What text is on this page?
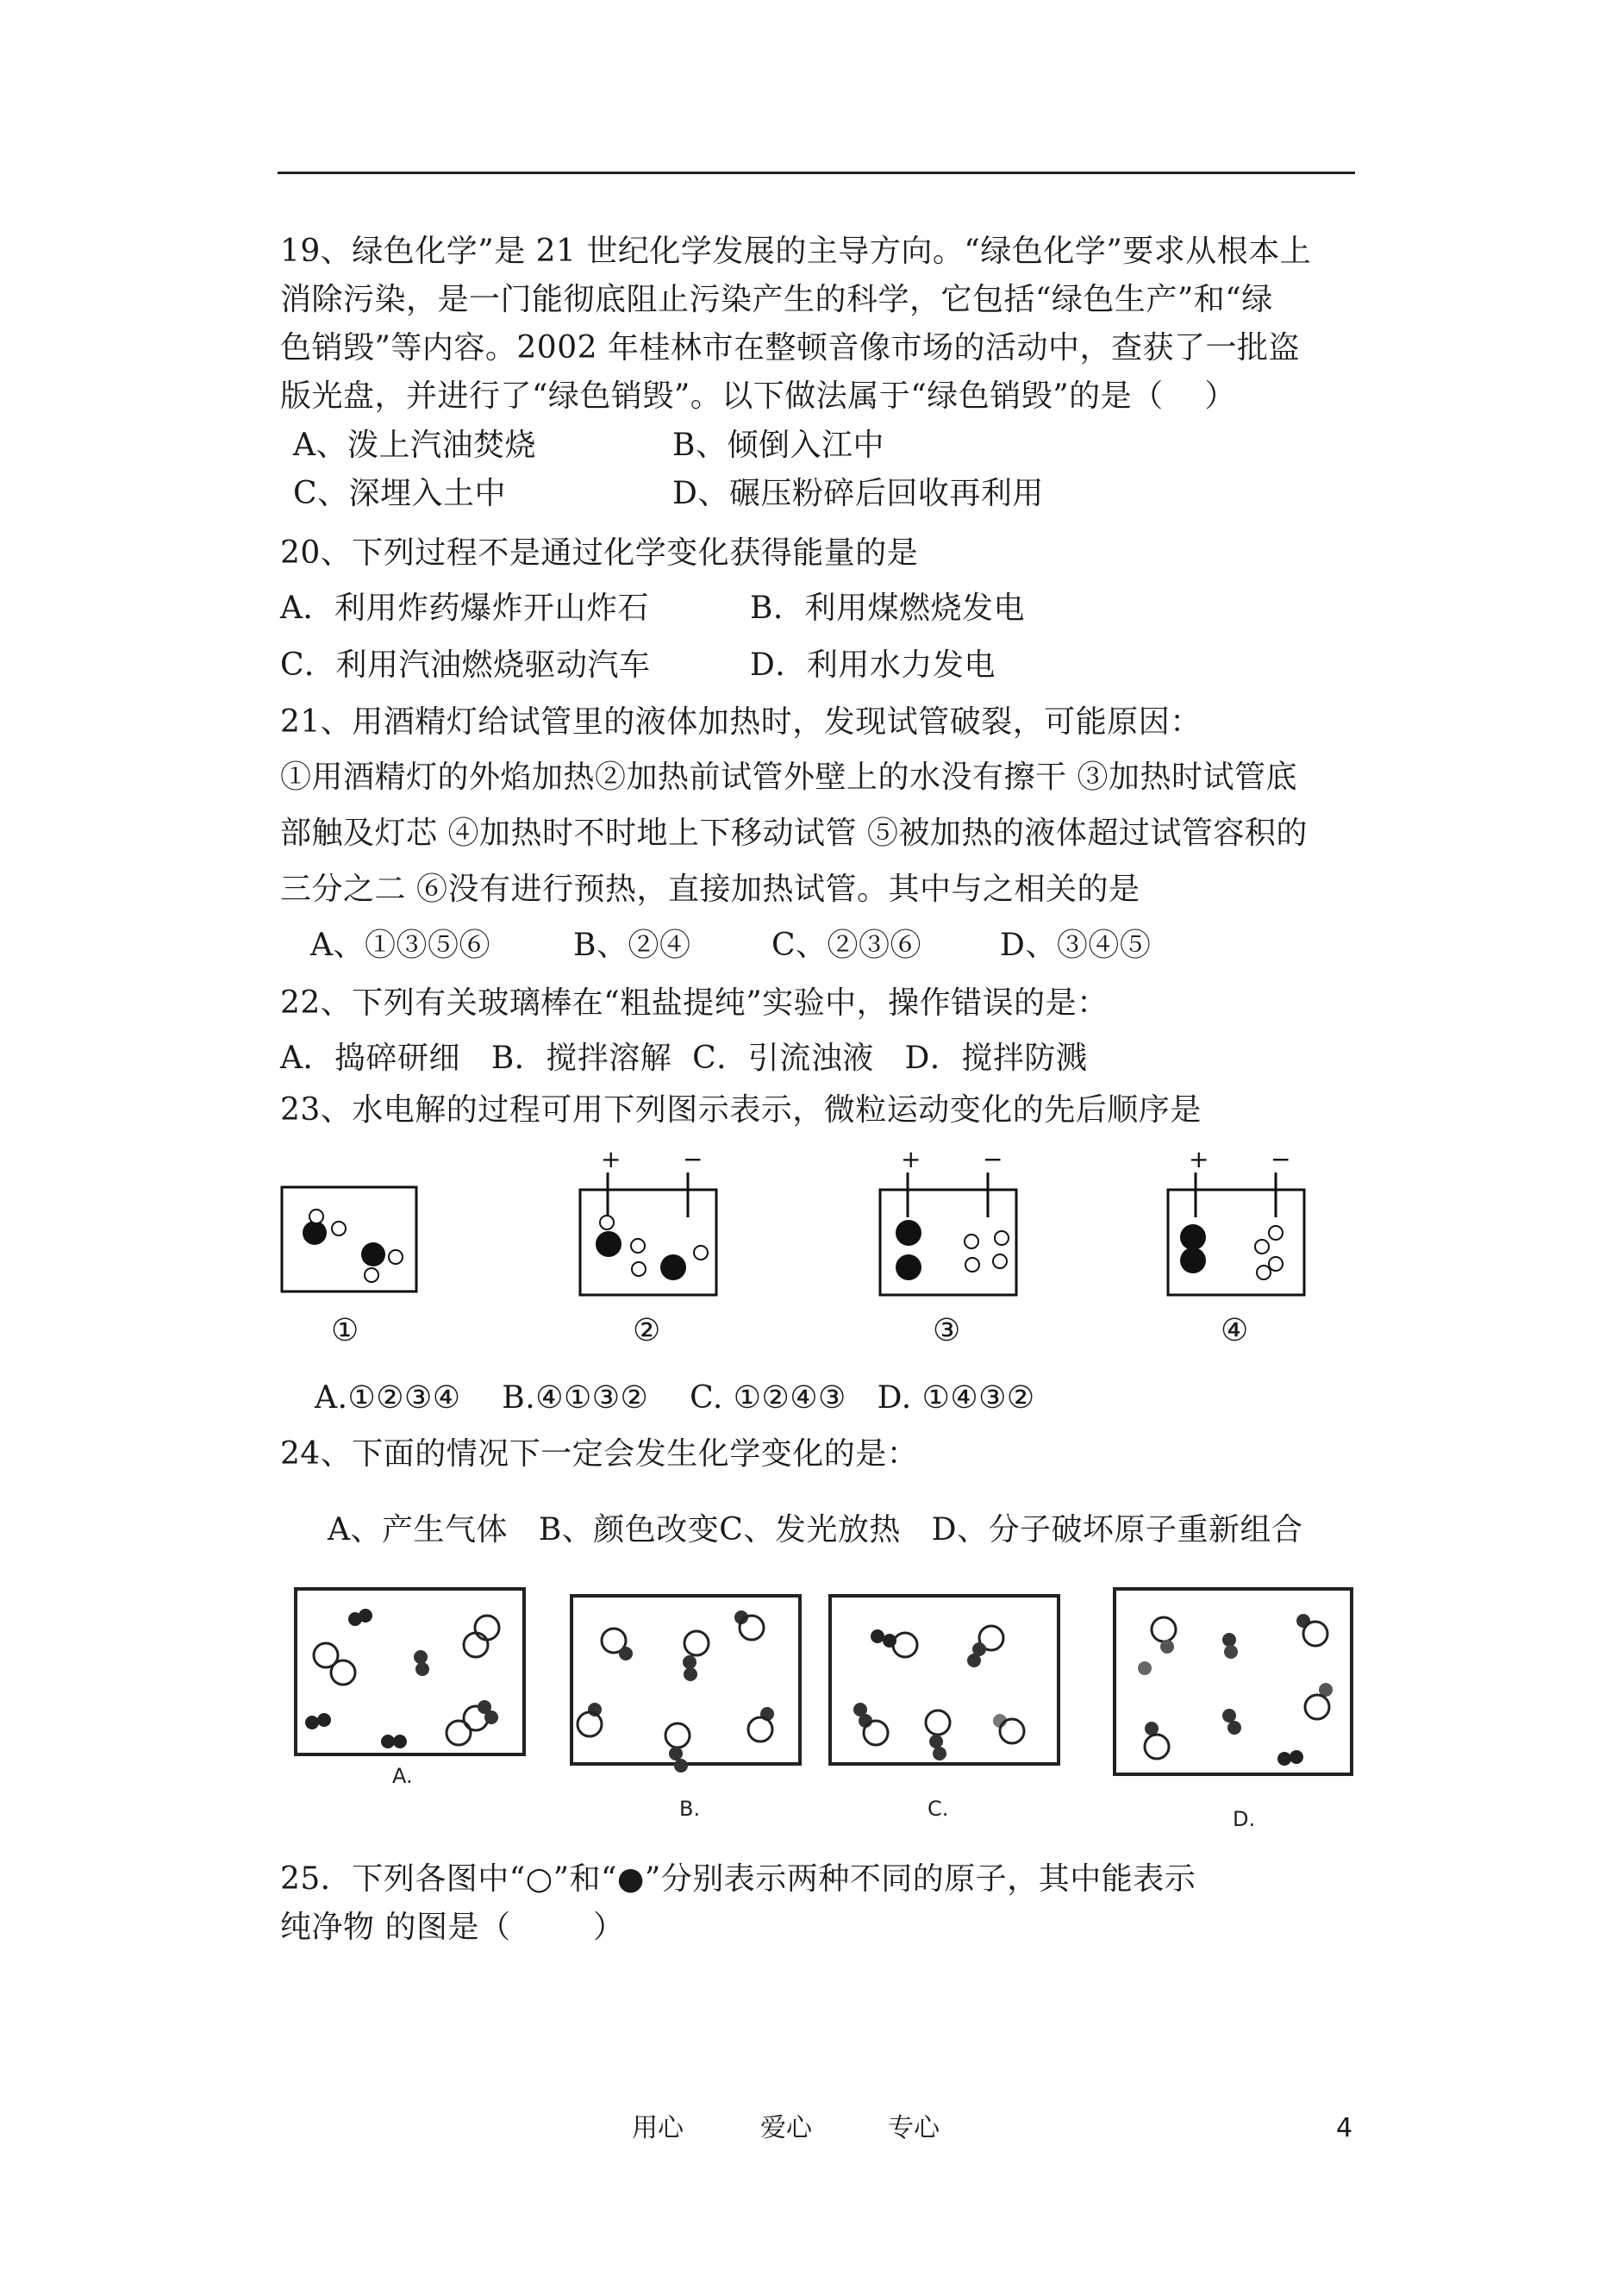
19、绿色化学”是 21 世纪化学发展的主导方向。“绿色化学”要求从根本上
消除污染，是一门能彻底阻止污染产生的科学，它包括“绿色生产”和“绿
色销毁”等内容。2002 年桂林市在整顿音像市场的活动中，查获了一批盗
版光盘，并进行了“绿色销毁”。以下做法属于“绿色销毁”的是（    ）
A、泼上汽油焚烧	B、倾倒入江中
C、深埋入土中	D、碾压粉碎后回收再利用
20、下列过程不是通过化学变化获得能量的是
A．利用炸药爆炸开山炸石	B．利用煤燃烧发电
C．利用汽油燃烧驱动汽车	D．利用水力发电
21、用酒精灯给试管里的液体加热时，发现试管破裂，可能原因：
①用酒精灯的外焰加热②加热前试管外壁上的水没有擦干 ③加热时试管底
部触及灯芯 ④加热时不时地上下移动试管 ⑤被加热的液体超过试管容积的
三分之二 ⑥没有进行预热，直接加热试管。其中与之相关的是
A、①③⑤⑥	B、②④	C、②③⑥	D、③④⑤
22、下列有关玻璃棒在“粗盐提纯”实验中，操作错误的是：
A．捣碎研细   B．搅拌溶解  C．引流浊液   D．搅拌防溅
23、水电解的过程可用下列图示表示，微粒运动变化的先后顺序是
+	−	+	−	+	−
①	②	③	④
A.①②③④    B.④①③②    C. ①②④③   D. ①④③②
24、下面的情况下一定会发生化学变化的是：
A、产生气体   B、颜色改变C、发光放热   D、分子破坏原子重新组合
A.
B.	C.	D.
25．下列各图中“○”和“●”分别表示两种不同的原子，其中能表示
纯净物 的图是（        ）
用心	爱心	专心	4
